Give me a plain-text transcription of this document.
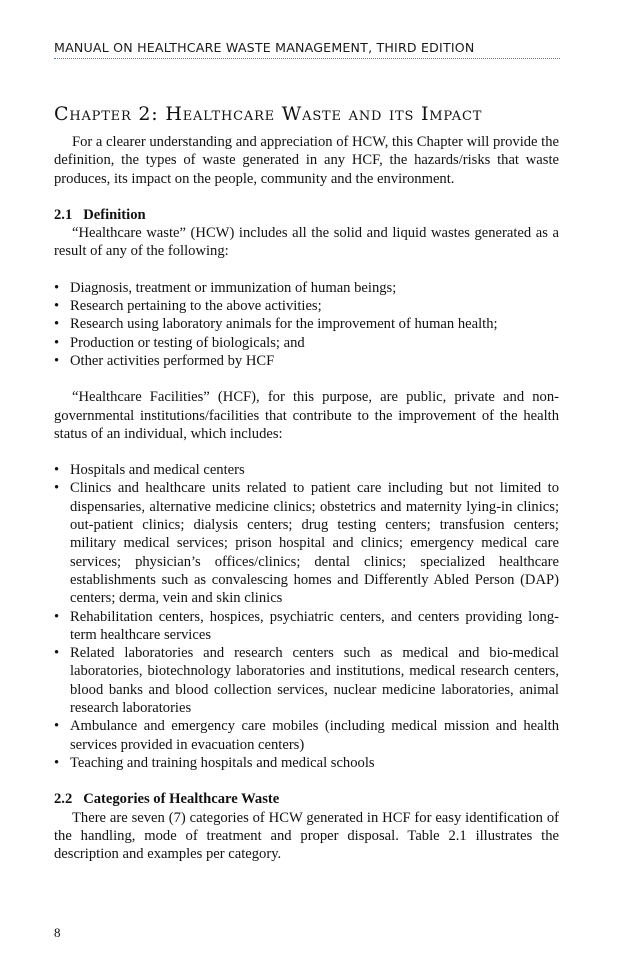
MANUAL ON HEALTHCARE WASTE MANAGEMENT, THIRD EDITION
Chapter 2: Healthcare Waste and its Impact

For a clearer understanding and appreciation of HCW, this Chapter will provide the definition, the types of waste generated in any HCF, the hazards/risks that waste produces, its impact on the people, community and the environment.

2.1 Definition

“Healthcare waste” (HCW) includes all the solid and liquid wastes generated as a result of any of the following:

• Diagnosis, treatment or immunization of human beings;
• Research pertaining to the above activities;
• Research using laboratory animals for the improvement of human health;
• Production or testing of biologicals; and
• Other activities performed by HCF

“Healthcare Facilities” (HCF), for this purpose, are public, private and non-governmental institutions/facilities that contribute to the improvement of the health status of an individual, which includes:

• Hospitals and medical centers
• Clinics and healthcare units related to patient care including but not limited to dispensaries, alternative medicine clinics; obstetrics and maternity lying-in clinics; out-patient clinics; dialysis centers; drug testing centers; transfusion centers; military medical services; prison hospital and clinics; emergency medical care services; physician’s offices/clinics; dental clinics; specialized healthcare establishments such as convalescing homes and Differently Abled Person (DAP) centers; derma, vein and skin clinics
• Rehabilitation centers, hospices, psychiatric centers, and centers providing long-term healthcare services
• Related laboratories and research centers such as medical and bio-medical laboratories, biotechnology laboratories and institutions, medical research centers, blood banks and blood collection services, nuclear medicine laboratories, animal research laboratories
• Ambulance and emergency care mobiles (including medical mission and health services provided in evacuation centers)
• Teaching and training hospitals and medical schools
2.2 Categories of Healthcare Waste

There are seven (7) categories of HCW generated in HCF for easy identification of the handling, mode of treatment and proper disposal. Table 2.1 illustrates the description and examples per category.

8
